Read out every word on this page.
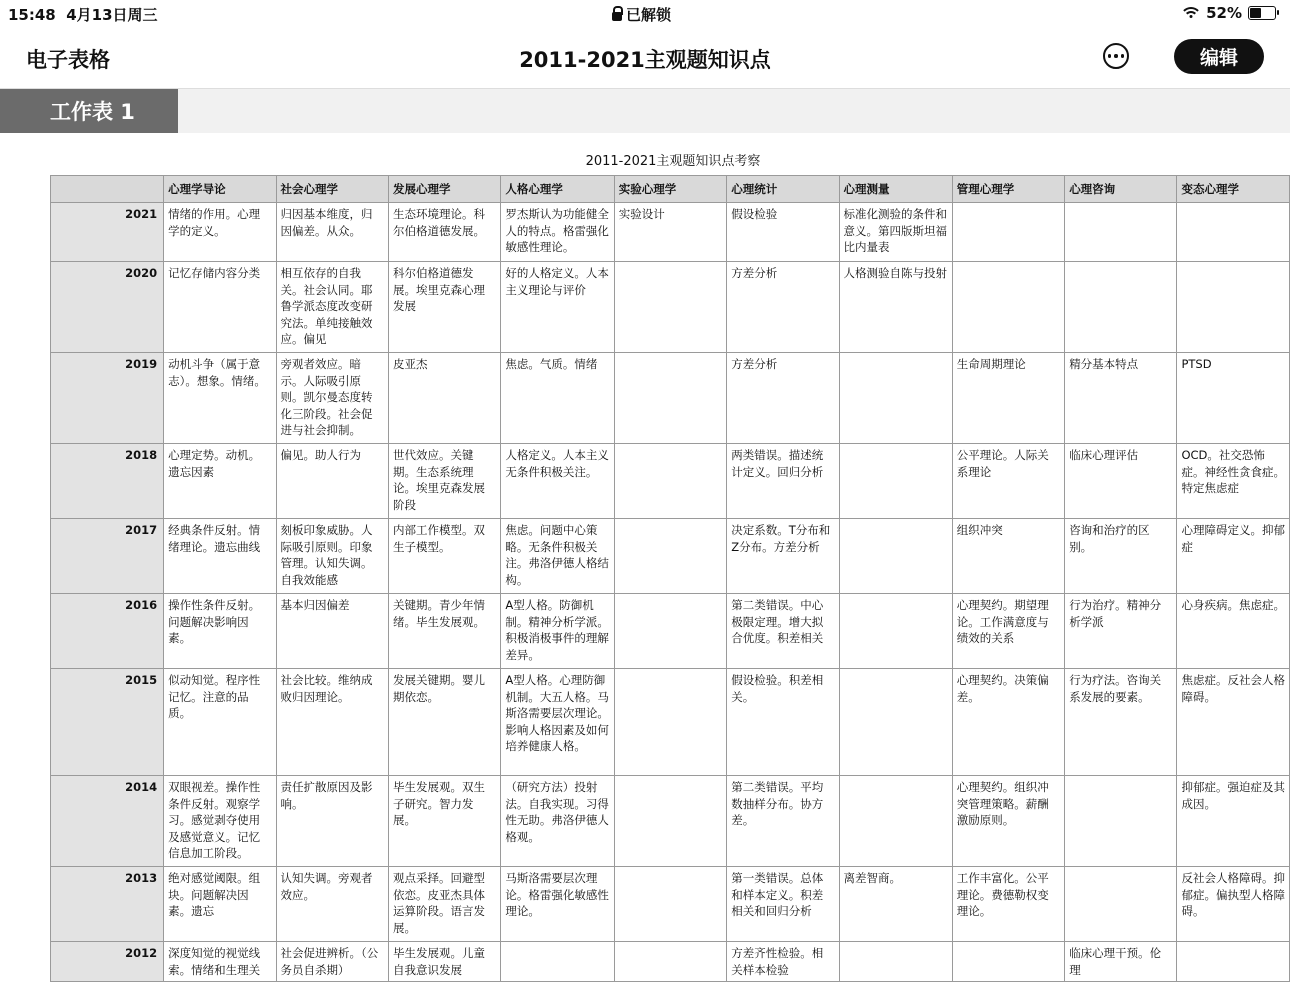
15:48 4月13日周三	已解锁	52%
电子表格	2011-2021主观题知识点	编辑
工作表 1
2011-2021主观题知识点考察
	心理学导论	社会心理学	发展心理学	人格心理学	实验心理学	心理统计	心理测量	管理心理学	心理咨询	变态心理学
2021	情绪的作用。心理学的定义。	归因基本维度，归因偏差。从众。	生态环境理论。科尔伯格道德发展。	罗杰斯认为功能健全人的特点。格雷强化敏感性理论。	实验设计	假设检验	标准化测验的条件和意义。第四版斯坦福比内量表			
2020	记忆存储内容分类	相互依存的自我关。社会认同。耶鲁学派态度改变研究法。单纯接触效应。偏见	科尔伯格道德发展。埃里克森心理发展	好的人格定义。人本主义理论与评价		方差分析	人格测验自陈与投射			
2019	动机斗争（属于意志）。想象。情绪。	旁观者效应。暗示。人际吸引原则。凯尔曼态度转化三阶段。社会促进与社会抑制。	皮亚杰	焦虑。气质。情绪		方差分析		生命周期理论	精分基本特点	PTSD
2018	心理定势。动机。遗忘因素	偏见。助人行为	世代效应。关键期。生态系统理论。埃里克森发展阶段	人格定义。人本主义无条件积极关注。		两类错误。描述统计定义。回归分析		公平理论。人际关系理论	临床心理评估	OCD。社交恐怖症。神经性贪食症。特定焦虑症
2017	经典条件反射。情绪理论。遗忘曲线	刻板印象威胁。人际吸引原则。印象管理。认知失调。自我效能感	内部工作模型。双生子模型。	焦虑。问题中心策略。无条件积极关注。弗洛伊德人格结构。		决定系数。T分布和Z分布。方差分析		组织冲突	咨询和治疗的区别。	心理障碍定义。抑郁症
2016	操作性条件反射。问题解决影响因素。	基本归因偏差	关键期。青少年情绪。毕生发展观。	A型人格。防御机制。精神分析学派。积极消极事件的理解差异。		第二类错误。中心极限定理。增大拟合优度。积差相关		心理契约。期望理论。工作满意度与绩效的关系	行为治疗。精神分析学派	心身疾病。焦虑症。
2015	似动知觉。程序性记忆。注意的品质。	社会比较。维纳成败归因理论。	发展关键期。婴儿期依恋。	A型人格。心理防御机制。大五人格。马斯洛需要层次理论。影响人格因素及如何培养健康人格。		假设检验。积差相关。		心理契约。决策偏差。	行为疗法。咨询关系发展的要素。	焦虑症。反社会人格障碍。
2014	双眼视差。操作性条件反射。观察学习。感觉剥夺使用及感觉意义。记忆信息加工阶段。	责任扩散原因及影响。	毕生发展观。双生子研究。智力发展。	（研究方法）投射法。自我实现。习得性无助。弗洛伊德人格观。		第二类错误。平均数抽样分布。协方差。		心理契约。组织冲突管理策略。薪酬激励原则。		抑郁症。强迫症及其成因。
2013	绝对感觉阈限。组块。问题解决因素。遗忘	认知失调。旁观者效应。	观点采择。回避型依恋。皮亚杰具体运算阶段。语言发展。	马斯洛需要层次理论。格雷强化敏感性理论。		第一类错误。总体和样本定义。积差相关和回归分析	离差智商。	工作丰富化。公平理论。费德勒权变理论。		反社会人格障碍。抑郁症。偏执型人格障碍。
2012	深度知觉的视觉线索。情绪和生理关	社会促进辨析。（公务员自杀期）	毕生发展观。儿童自我意识发展			方差齐性检验。相关样本检验			临床心理干预。伦理	
